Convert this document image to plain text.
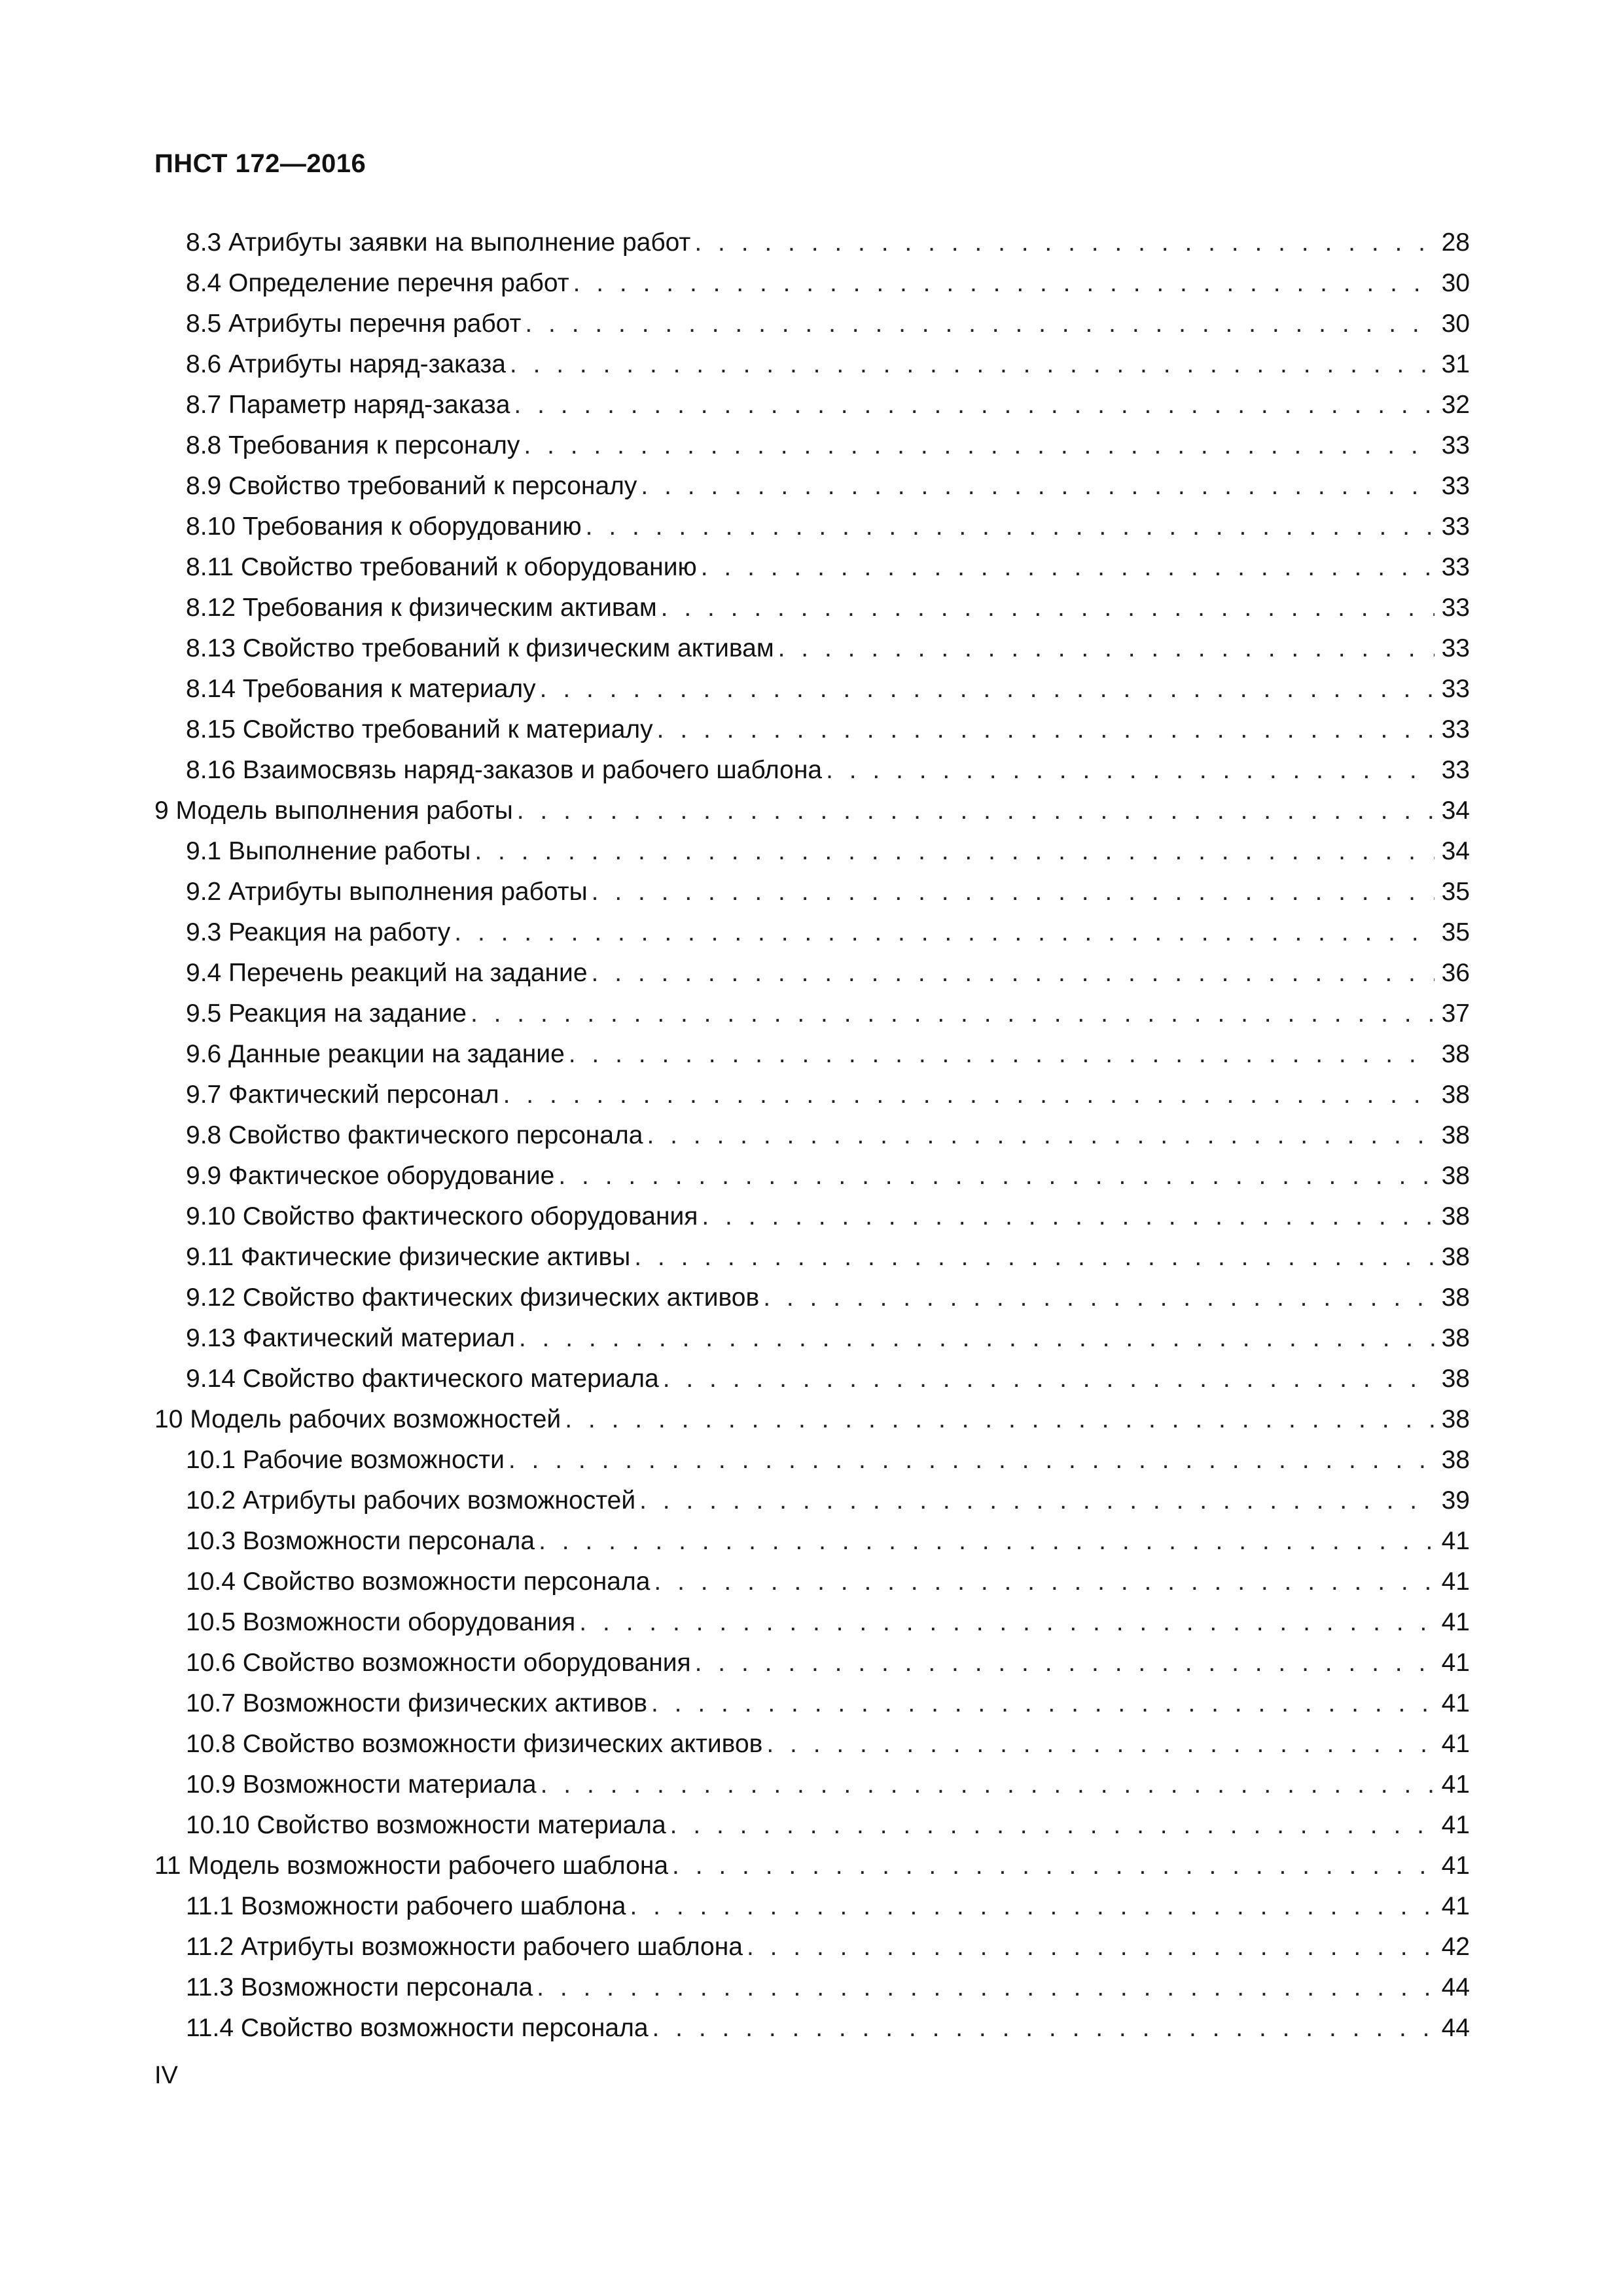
ПНСТ 172—2016
8.3 Атрибуты заявки на выполнение работ . . .	28
8.4 Определение перечня работ . . .	30
8.5 Атрибуты перечня работ . . .	30
8.6 Атрибуты наряд-заказа . . .	31
8.7 Параметр наряд-заказа . . .	32
8.8 Требования к персоналу . . .	33
8.9 Свойство требований к персоналу . . .	33
8.10 Требования к оборудованию . . .	33
8.11 Свойство требований к оборудованию . . .	33
8.12 Требования к физическим активам . . .	33
8.13 Свойство требований к физическим активам . . .	33
8.14 Требования к материалу . . .	33
8.15 Свойство требований к материалу . . .	33
8.16 Взаимосвязь наряд-заказов и рабочего шаблона . . .	33
9 Модель выполнения работы . . .	34
9.1 Выполнение работы . . .	34
9.2 Атрибуты выполнения работы . . .	35
9.3 Реакция на работу . . .	35
9.4 Перечень реакций на задание . . .	36
9.5 Реакция на задание . . .	37
9.6 Данные реакции на задание . . .	38
9.7 Фактический персонал . . .	38
9.8 Свойство фактического персонала . . .	38
9.9 Фактическое оборудование . . .	38
9.10 Свойство фактического оборудования . . .	38
9.11 Фактические физические активы . . .	38
9.12 Свойство фактических физических активов . . .	38
9.13 Фактический материал . . .	38
9.14 Свойство фактического материала . . .	38
10 Модель рабочих возможностей . . .	38
10.1 Рабочие возможности . . .	38
10.2 Атрибуты рабочих возможностей . . .	39
10.3 Возможности персонала . . .	41
10.4 Свойство возможности персонала . . .	41
10.5 Возможности оборудования . . .	41
10.6 Свойство возможности оборудования . . .	41
10.7 Возможности физических активов . . .	41
10.8 Свойство возможности физических активов . . .	41
10.9 Возможности материала . . .	41
10.10 Свойство возможности материала . . .	41
11 Модель возможности рабочего шаблона . . .	41
11.1 Возможности рабочего шаблона . . .	41
11.2 Атрибуты возможности рабочего шаблона . . .	42
11.3 Возможности персонала . . .	44
11.4 Свойство возможности персонала . . .	44
IV
